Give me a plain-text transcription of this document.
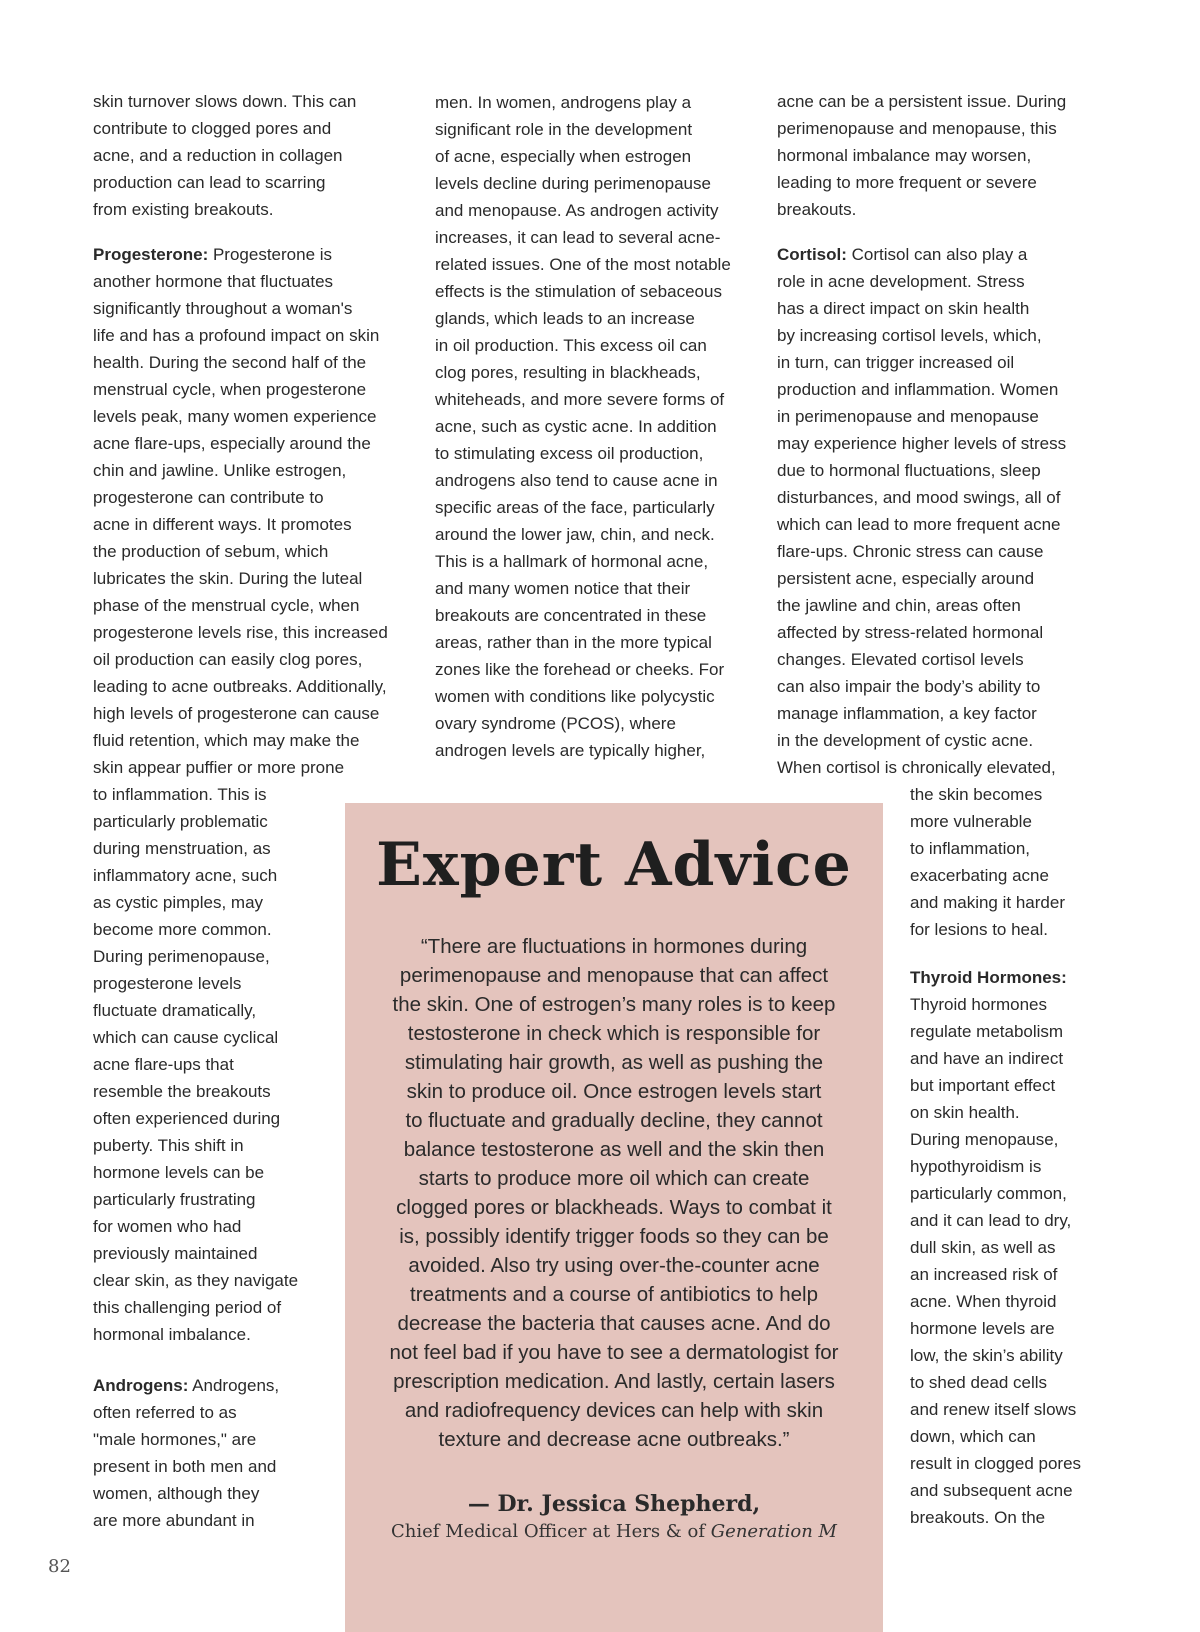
skin turnover slows down. This can
contribute to clogged pores and
acne, and a reduction in collagen
production can lead to scarring
from existing breakouts.
Progesterone: Progesterone is
another hormone that fluctuates
significantly throughout a woman's
life and has a profound impact on skin
health. During the second half of the
menstrual cycle, when progesterone
levels peak, many women experience
acne flare-ups, especially around the
chin and jawline. Unlike estrogen,
progesterone can contribute to
acne in different ways. It promotes
the production of sebum, which
lubricates the skin. During the luteal
phase of the menstrual cycle, when
progesterone levels rise, this increased
oil production can easily clog pores,
leading to acne outbreaks. Additionally,
high levels of progesterone can cause
fluid retention, which may make the
skin appear puffier or more prone
to inflammation. This is
particularly problematic
during menstruation, as
inflammatory acne, such
as cystic pimples, may
become more common.
During perimenopause,
progesterone levels
fluctuate dramatically,
which can cause cyclical
acne flare-ups that
resemble the breakouts
often experienced during
puberty. This shift in
hormone levels can be
particularly frustrating
for women who had
previously maintained
clear skin, as they navigate
this challenging period of
hormonal imbalance.
Androgens: Androgens,
often referred to as
"male hormones," are
present in both men and
women, although they
are more abundant in
men. In women, androgens play a
significant role in the development
of acne, especially when estrogen
levels decline during perimenopause
and menopause. As androgen activity
increases, it can lead to several acne-
related issues. One of the most notable
effects is the stimulation of sebaceous
glands, which leads to an increase
in oil production. This excess oil can
clog pores, resulting in blackheads,
whiteheads, and more severe forms of
acne, such as cystic acne. In addition
to stimulating excess oil production,
androgens also tend to cause acne in
specific areas of the face, particularly
around the lower jaw, chin, and neck.
This is a hallmark of hormonal acne,
and many women notice that their
breakouts are concentrated in these
areas, rather than in the more typical
zones like the forehead or cheeks. For
women with conditions like polycystic
ovary syndrome (PCOS), where
androgen levels are typically higher,
acne can be a persistent issue. During
perimenopause and menopause, this
hormonal imbalance may worsen,
leading to more frequent or severe
breakouts.
Cortisol: Cortisol can also play a
role in acne development. Stress
has a direct impact on skin health
by increasing cortisol levels, which,
in turn, can trigger increased oil
production and inflammation. Women
in perimenopause and menopause
may experience higher levels of stress
due to hormonal fluctuations, sleep
disturbances, and mood swings, all of
which can lead to more frequent acne
flare-ups. Chronic stress can cause
persistent acne, especially around
the jawline and chin, areas often
affected by stress-related hormonal
changes. Elevated cortisol levels
can also impair the body’s ability to
manage inflammation, a key factor
in the development of cystic acne.
When cortisol is chronically elevated,
the skin becomes
more vulnerable
to inflammation,
exacerbating acne
and making it harder
for lesions to heal.
Thyroid Hormones:
Thyroid hormones
regulate metabolism
and have an indirect
but important effect
on skin health.
During menopause,
hypothyroidism is
particularly common,
and it can lead to dry,
dull skin, as well as
an increased risk of
acne. When thyroid
hormone levels are
low, the skin’s ability
to shed dead cells
and renew itself slows
down, which can
result in clogged pores
and subsequent acne
breakouts. On the
Expert Advice
“There are fluctuations in hormones during
perimenopause and menopause that can affect
the skin. One of estrogen’s many roles is to keep
testosterone in check which is responsible for
stimulating hair growth, as well as pushing the
skin to produce oil. Once estrogen levels start
to fluctuate and gradually decline, they cannot
balance testosterone as well and the skin then
starts to produce more oil which can create
clogged pores or blackheads. Ways to combat it
is, possibly identify trigger foods so they can be
avoided. Also try using over-the-counter acne
treatments and a course of antibiotics to help
decrease the bacteria that causes acne. And do
not feel bad if you have to see a dermatologist for
prescription medication. And lastly, certain lasers
and radiofrequency devices can help with skin
texture and decrease acne outbreaks.”
— Dr. Jessica Shepherd,
Chief Medical Officer at Hers & of Generation M
82
